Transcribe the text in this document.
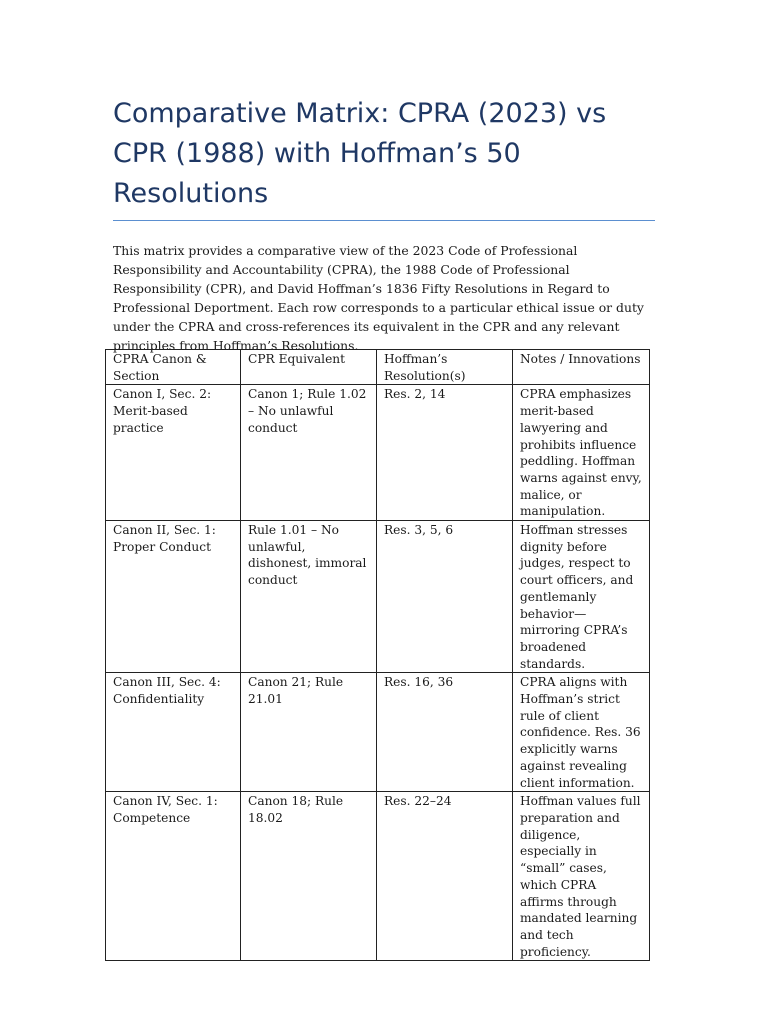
Comparative Matrix: CPRA (2023) vs CPR (1988) with Hoffman’s 50 Resolutions

This matrix provides a comparative view of the 2023 Code of Professional Responsibility and Accountability (CPRA), the 1988 Code of Professional Responsibility (CPR), and David Hoffman’s 1836 Fifty Resolutions in Regard to Professional Deportment. Each row corresponds to a particular ethical issue or duty under the CPRA and cross-references its equivalent in the CPR and any relevant principles from Hoffman’s Resolutions.

CPRA Canon & Section	CPR Equivalent	Hoffman’s Resolution(s)	Notes / Innovations
Canon I, Sec. 2: Merit-based practice	Canon 1; Rule 1.02 – No unlawful conduct	Res. 2, 14	CPRA emphasizes merit-based lawyering and prohibits influence peddling. Hoffman warns against envy, malice, or manipulation.
Canon II, Sec. 1: Proper Conduct	Rule 1.01 – No unlawful, dishonest, immoral conduct	Res. 3, 5, 6	Hoffman stresses dignity before judges, respect to court officers, and gentlemanly behavior—mirroring CPRA’s broadened standards.
Canon III, Sec. 4: Confidentiality	Canon 21; Rule 21.01	Res. 16, 36	CPRA aligns with Hoffman’s strict rule of client confidence. Res. 36 explicitly warns against revealing client information.
Canon IV, Sec. 1: Competence	Canon 18; Rule 18.02	Res. 22–24	Hoffman values full preparation and diligence, especially in “small” cases, which CPRA affirms through mandated learning and tech proficiency.
